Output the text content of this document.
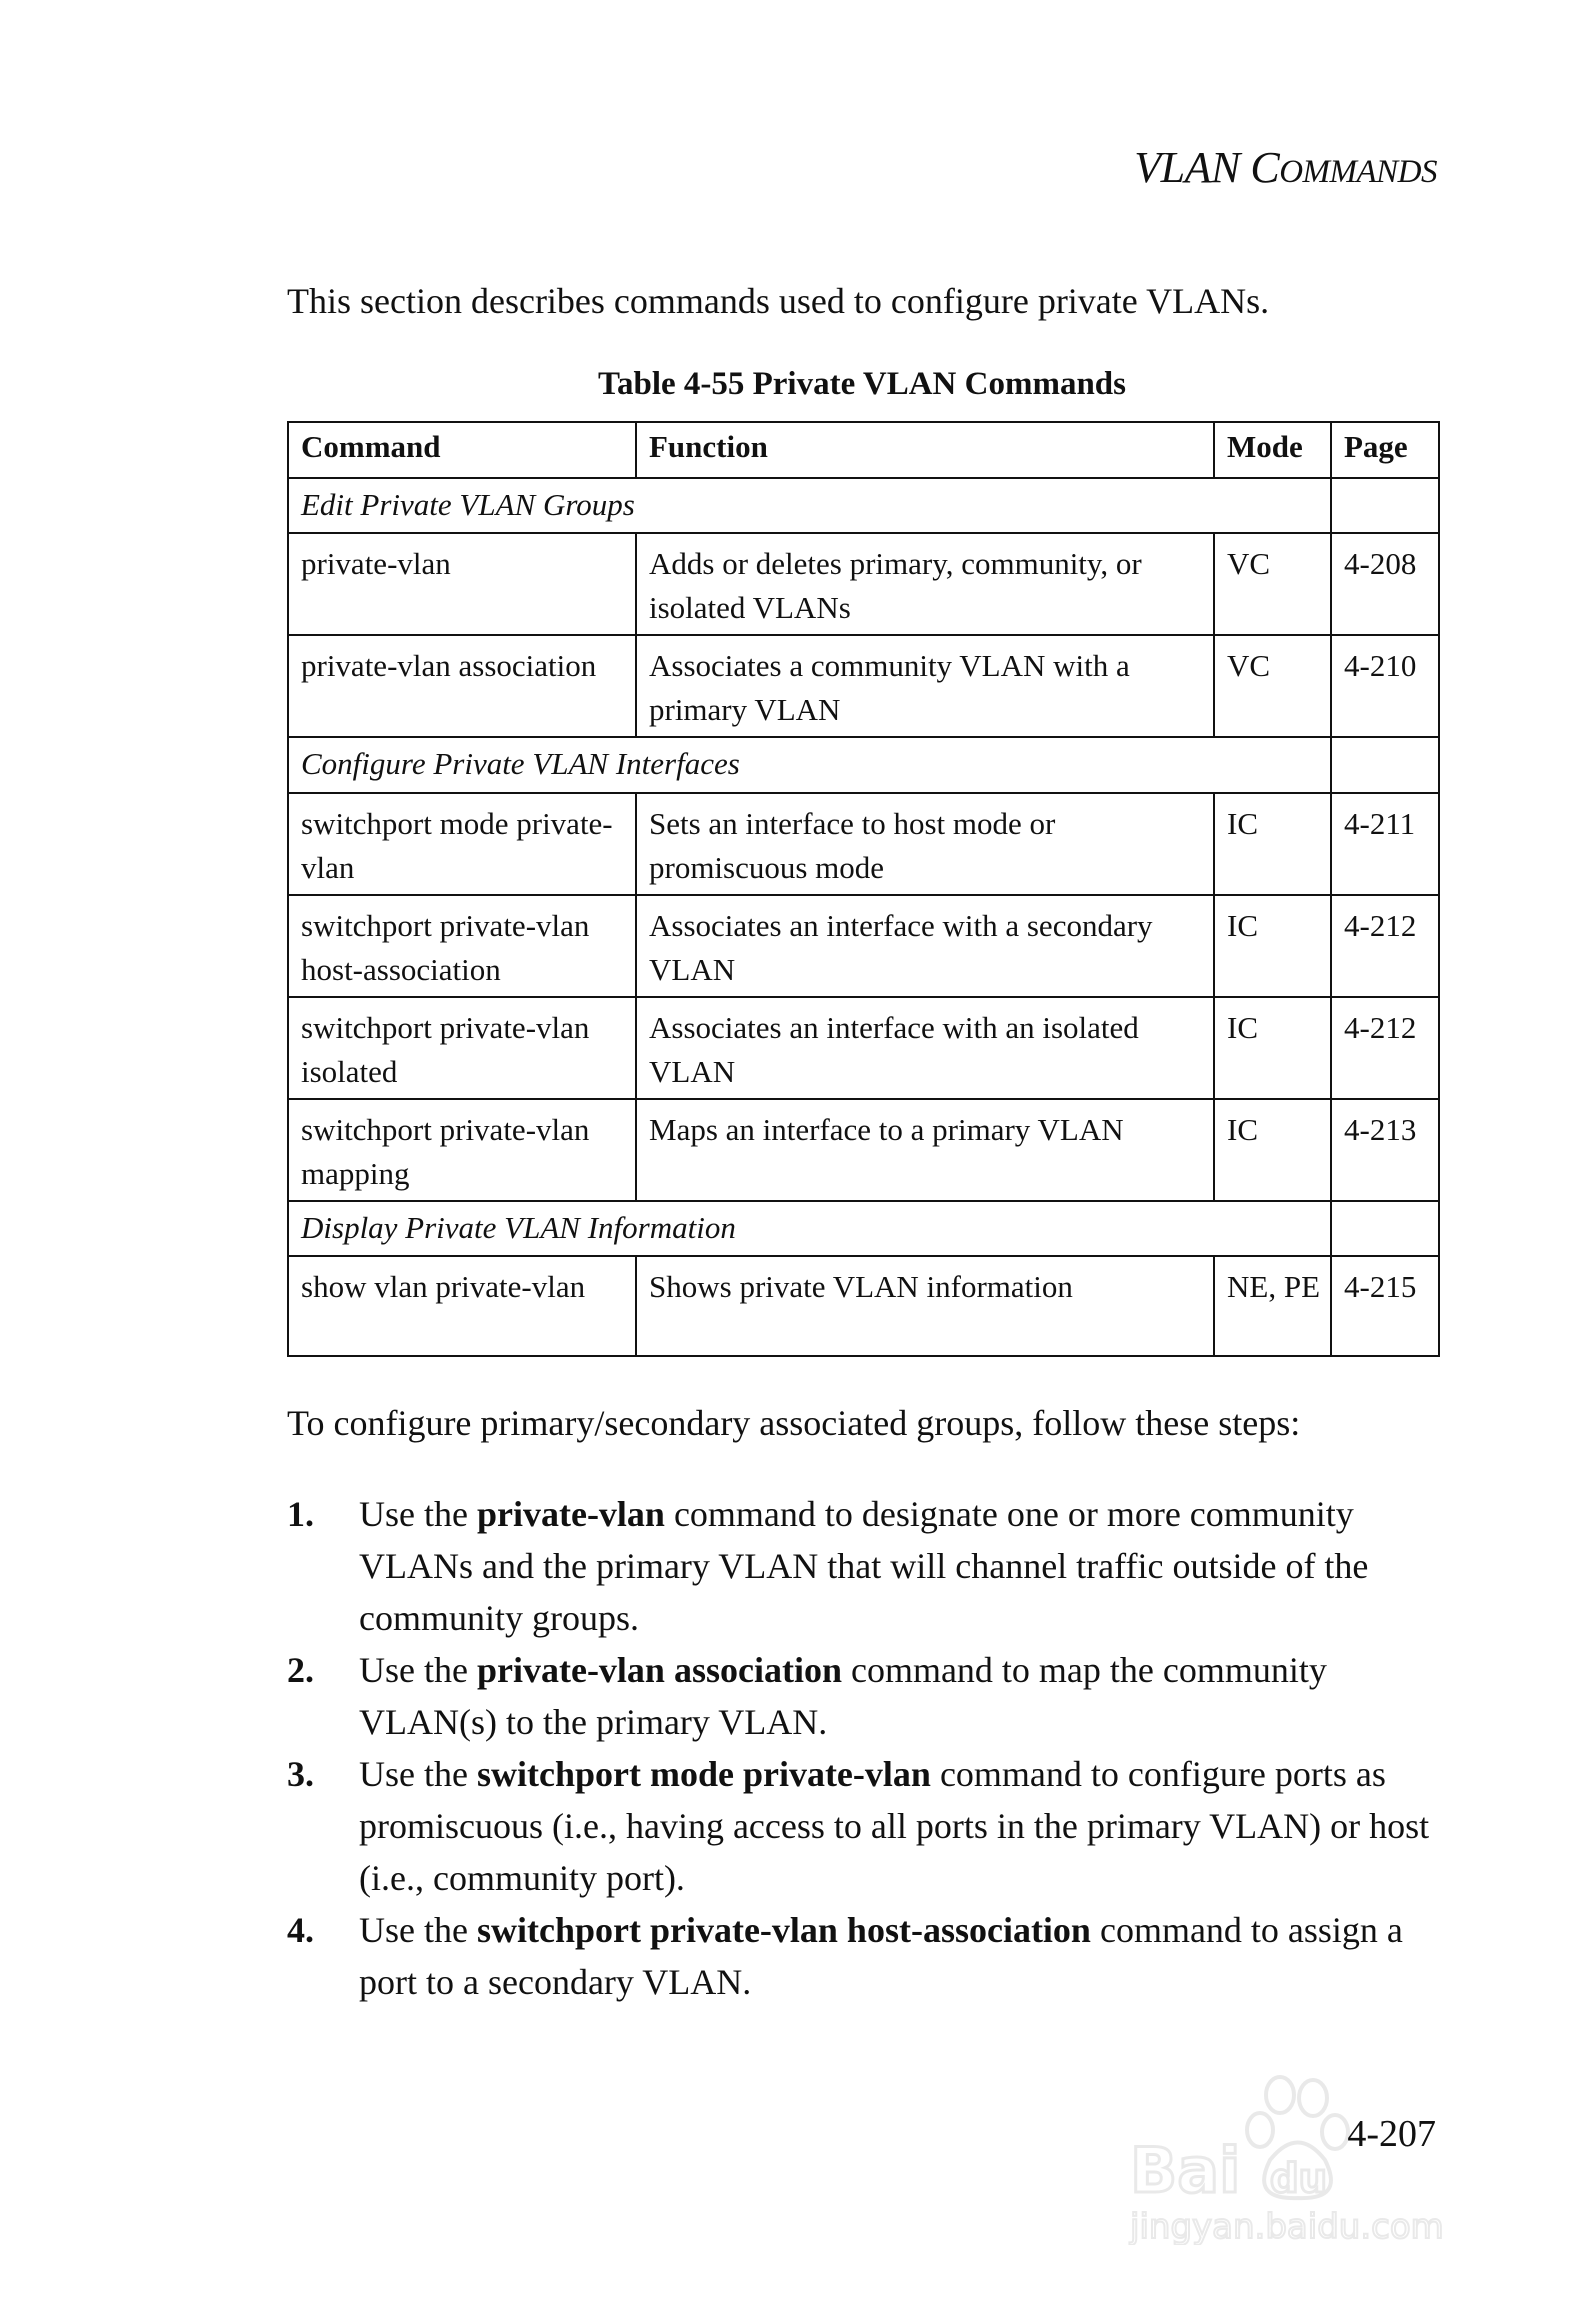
VLAN COMMANDS
This section describes commands used to configure private VLANs.
Table 4-55 Private VLAN Commands
Command	Function	Mode	Page
Edit Private VLAN Groups			
private-vlan	Adds or deletes primary, community, or isolated VLANs	VC	4-208
private-vlan association	Associates a community VLAN with a primary VLAN	VC	4-210
Configure Private VLAN Interfaces			
switchport mode private-vlan	Sets an interface to host mode or promiscuous mode	IC	4-211
switchport private-vlan host-association	Associates an interface with a secondary VLAN	IC	4-212
switchport private-vlan isolated	Associates an interface with an isolated VLAN	IC	4-212
switchport private-vlan mapping	Maps an interface to a primary VLAN	IC	4-213
Display Private VLAN Information			
show vlan private-vlan	Shows private VLAN information	NE, PE	4-215
To configure primary/secondary associated groups, follow these steps:
1. Use the private-vlan command to designate one or more community VLANs and the primary VLAN that will channel traffic outside of the community groups.
2. Use the private-vlan association command to map the community VLAN(s) to the primary VLAN.
3. Use the switchport mode private-vlan command to configure ports as promiscuous (i.e., having access to all ports in the primary VLAN) or host (i.e., community port).
4. Use the switchport private-vlan host-association command to assign a port to a secondary VLAN.
Bai du
jingyan.baidu.com
4-207
